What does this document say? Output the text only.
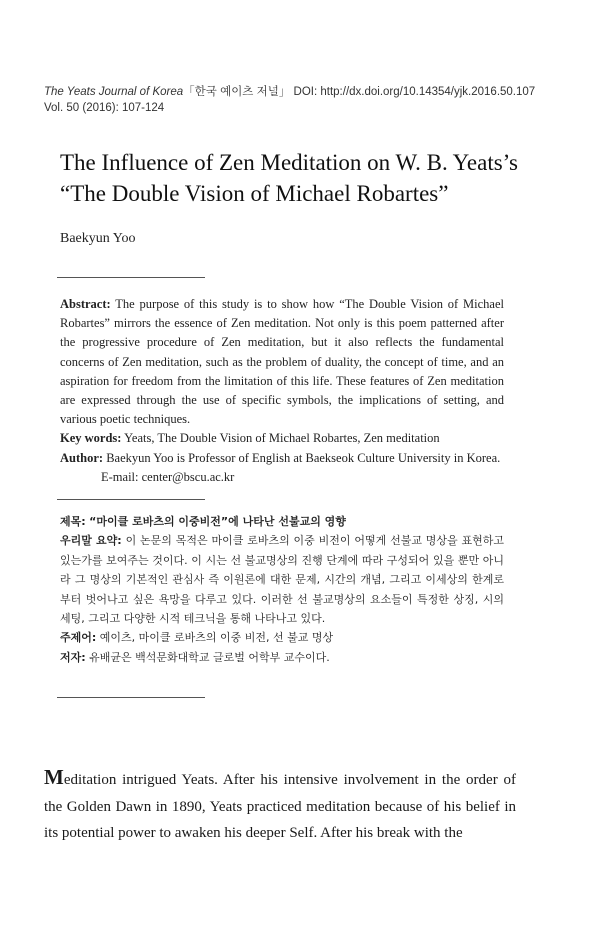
The Yeats Journal of Korea「한국 예이츠 저널」 DOI: http://dx.doi.org/10.14354/yjk.2016.50.107
Vol. 50 (2016): 107-124
The Influence of Zen Meditation on W. B. Yeats’s
“The Double Vision of Michael Robartes”
Baekyun Yoo

Abstract: The purpose of this study is to show how “The Double Vision of Michael Robartes” mirrors the essence of Zen meditation. Not only is this poem patterned after the progressive procedure of Zen meditation, but it also reflects the fundamental concerns of Zen meditation, such as the problem of duality, the concept of time, and an aspiration for freedom from the limitation of this life. These features of Zen meditation are expressed through the use of specific symbols, the implications of setting, and various poetic techniques.

Key words: Yeats, The Double Vision of Michael Robartes, Zen meditation

Author: Baekyun Yoo is Professor of English at Baekseok Culture University in Korea.

E-mail: center@bscu.ac.kr

제목: “마이클 로바츠의 이중비전”에 나타난 선불교의 영향

우리말 요약: 이 논문의 목적은 마이클 로바츠의 이중 비전이 어떻게 선불교 명상을 표현하고 있는가를 보여주는 것이다. 이 시는 선 불교명상의 진행 단계에 따라 구성되어 있을 뿐만 아니라 그 명상의 기본적인 관심사 즉 이원론에 대한 문제, 시간의 개념, 그리고 이세상의 한계로부터 벗어나고 싶은 욕망을 다루고 있다. 이러한 선 불교명상의 요소들이 특정한 상징, 시의 세팅, 그리고 다양한 시적 테크닉을 통해 나타나고 있다.

주제어: 예이츠, 마이클 로바츠의 이중 비전, 선 불교 명상

저자: 유배균은 백석문화대학교 글로벌 어학부 교수이다.

Meditation intrigued Yeats. After his intensive involvement in the order of the Golden Dawn in 1890, Yeats practiced meditation because of his belief in its potential power to awaken his deeper Self. After his break with the
